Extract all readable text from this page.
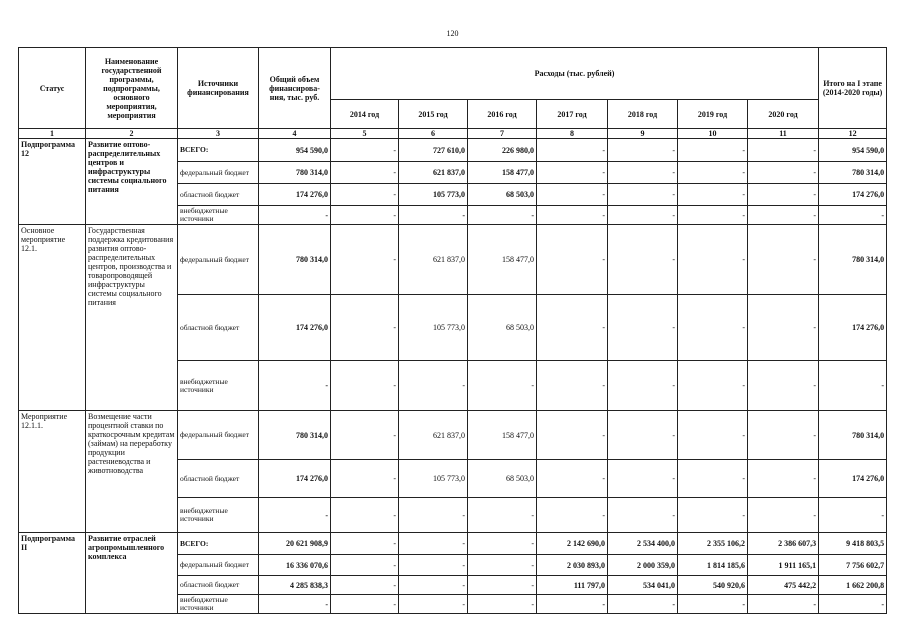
120
Статус	Наименование государственной программы, подпрограммы, основного мероприятия, мероприятия	Источники финансирования	Общий объем финансирова- ния, тыс. руб.	Расходы (тыс. рублей)							Итого на I этапе (2014-2020 годы)
				2014 год	2015 год	2016 год	2017 год	2018 год	2019 год	2020 год	
1	2	3	4	5	6	7	8	9	10	11	12
Подпрограмма 12	Развитие оптово-распределительных центров и инфраструктуры системы социального питания	ВСЕГО:	954 590,0	-	727 610,0	226 980,0	-	-	-	-	954 590,0
		федеральный бюджет	780 314,0	-	621 837,0	158 477,0	-	-	-	-	780 314,0
		областной бюджет	174 276,0	-	105 773,0	68 503,0	-	-	-	-	174 276,0
		внебюджетные источники	-	-	-	-	-	-	-	-	-
Основное мероприятие 12.1.	Государственная поддержка кредитования развития оптово-распределительных центров, производства и товаропроводящей инфраструктуры системы социального питания	федеральный бюджет	780 314,0	-	621 837,0	158 477,0	-	-	-	-	780 314,0
		областной бюджет	174 276,0	-	105 773,0	68 503,0	-	-	-	-	174 276,0
		внебюджетные источники	-	-	-	-	-	-	-	-	-
Мероприятие 12.1.1.	Возмещение части процентной ставки по краткосрочным кредитам (займам) на переработку продукции растениеводства и животноводства	федеральный бюджет	780 314,0	-	621 837,0	158 477,0	-	-	-	-	780 314,0
		областной бюджет	174 276,0	-	105 773,0	68 503,0	-	-	-	-	174 276,0
		внебюджетные источники	-	-	-	-	-	-	-	-	-
Подпрограмма II	Развитие отраслей агропромышленного комплекса	ВСЕГО:	20 621 908,9	-	-	-	2 142 690,0	2 534 400,0	2 355 106,2	2 386 607,3	9 418 803,5
		федеральный бюджет	16 336 070,6	-	-	-	2 030 893,0	2 000 359,0	1 814 185,6	1 911 165,1	7 756 602,7
		областной бюджет	4 285 838,3	-	-	-	111 797,0	534 041,0	540 920,6	475 442,2	1 662 200,8
		внебюджетные источники	-	-	-	-	-	-	-	-	-
